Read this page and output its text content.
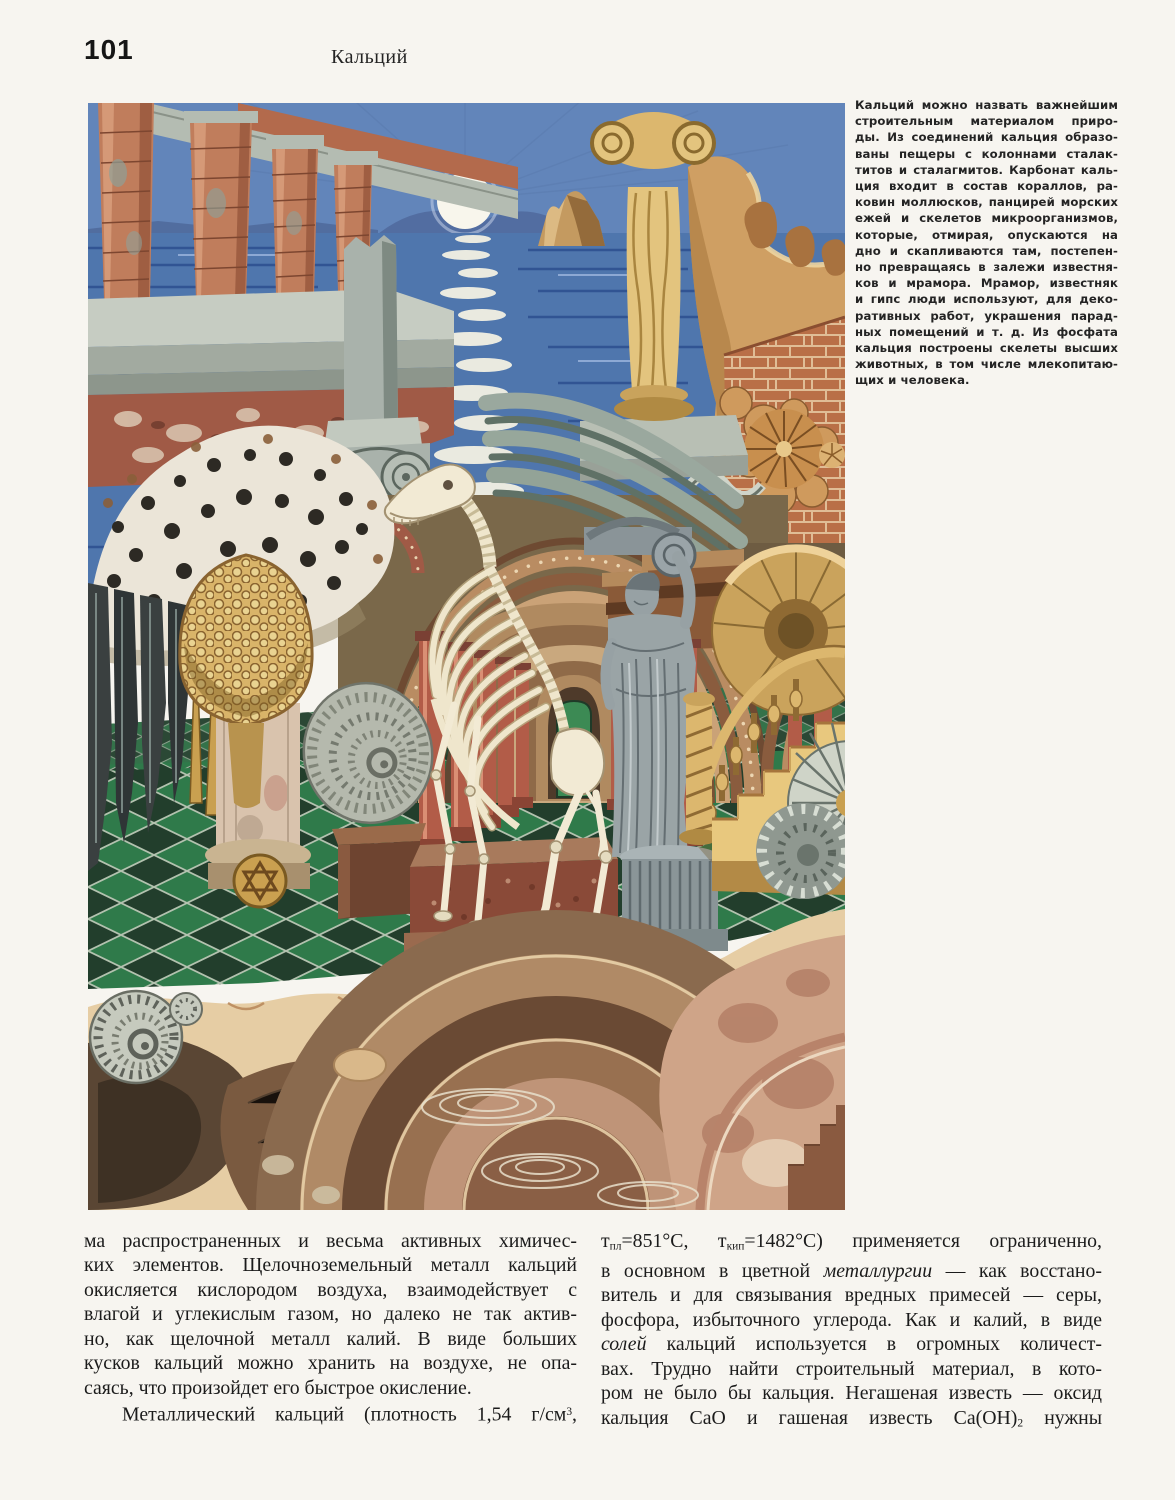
101	Кальций
Кальций можно назвать важнейшим
строительным материалом приро-
ды. Из соединений кальция образо-
ваны пещеры с колоннами сталак-
титов и сталагмитов. Карбонат каль-
ция входит в состав кораллов, ра-
ковин моллюсков, панцирей морских
ежей и скелетов микроорганизмов,
которые, отмирая, опускаются на
дно и скапливаются там, постепен-
но превращаясь в залежи известня-
ков и мрамора. Мрамор, известняк
и гипс люди используют, для деко-
ративных работ, украшения парад-
ных помещений и т. д. Из фосфата
кальция построены скелеты высших
животных, в том числе млекопитаю-
щих и человека.
ма распространенных и весьма активных химичес-
ких элементов. Щелочноземельный металл кальций
окисляется кислородом воздуха, взаимодействует с
влагой и углекислым газом, но далеко не так актив-
но, как щелочной металл калий. В виде больших
кусков кальций можно хранить на воздухе, не опа-
саясь, что произойдет его быстрое окисление.
Металлический кальций (плотность 1,54 $г/см^3$,
$т_{пл}=851^\circ С$, $т_{кип}=1482^\circ С$) применяется ограниченно,
в основном в цветной металлургии — как восстано-
витель и для связывания вредных примесей — серы,
фосфора, избыточного углерода. Как и калий, в виде
солей кальций используется в огромных количест-
вах. Трудно найти строительный материал, в кото-
ром не было бы кальция. Негашеная известь — оксид
кальция СаО и гашеная известь $Са(ОН)_2$ нужны
